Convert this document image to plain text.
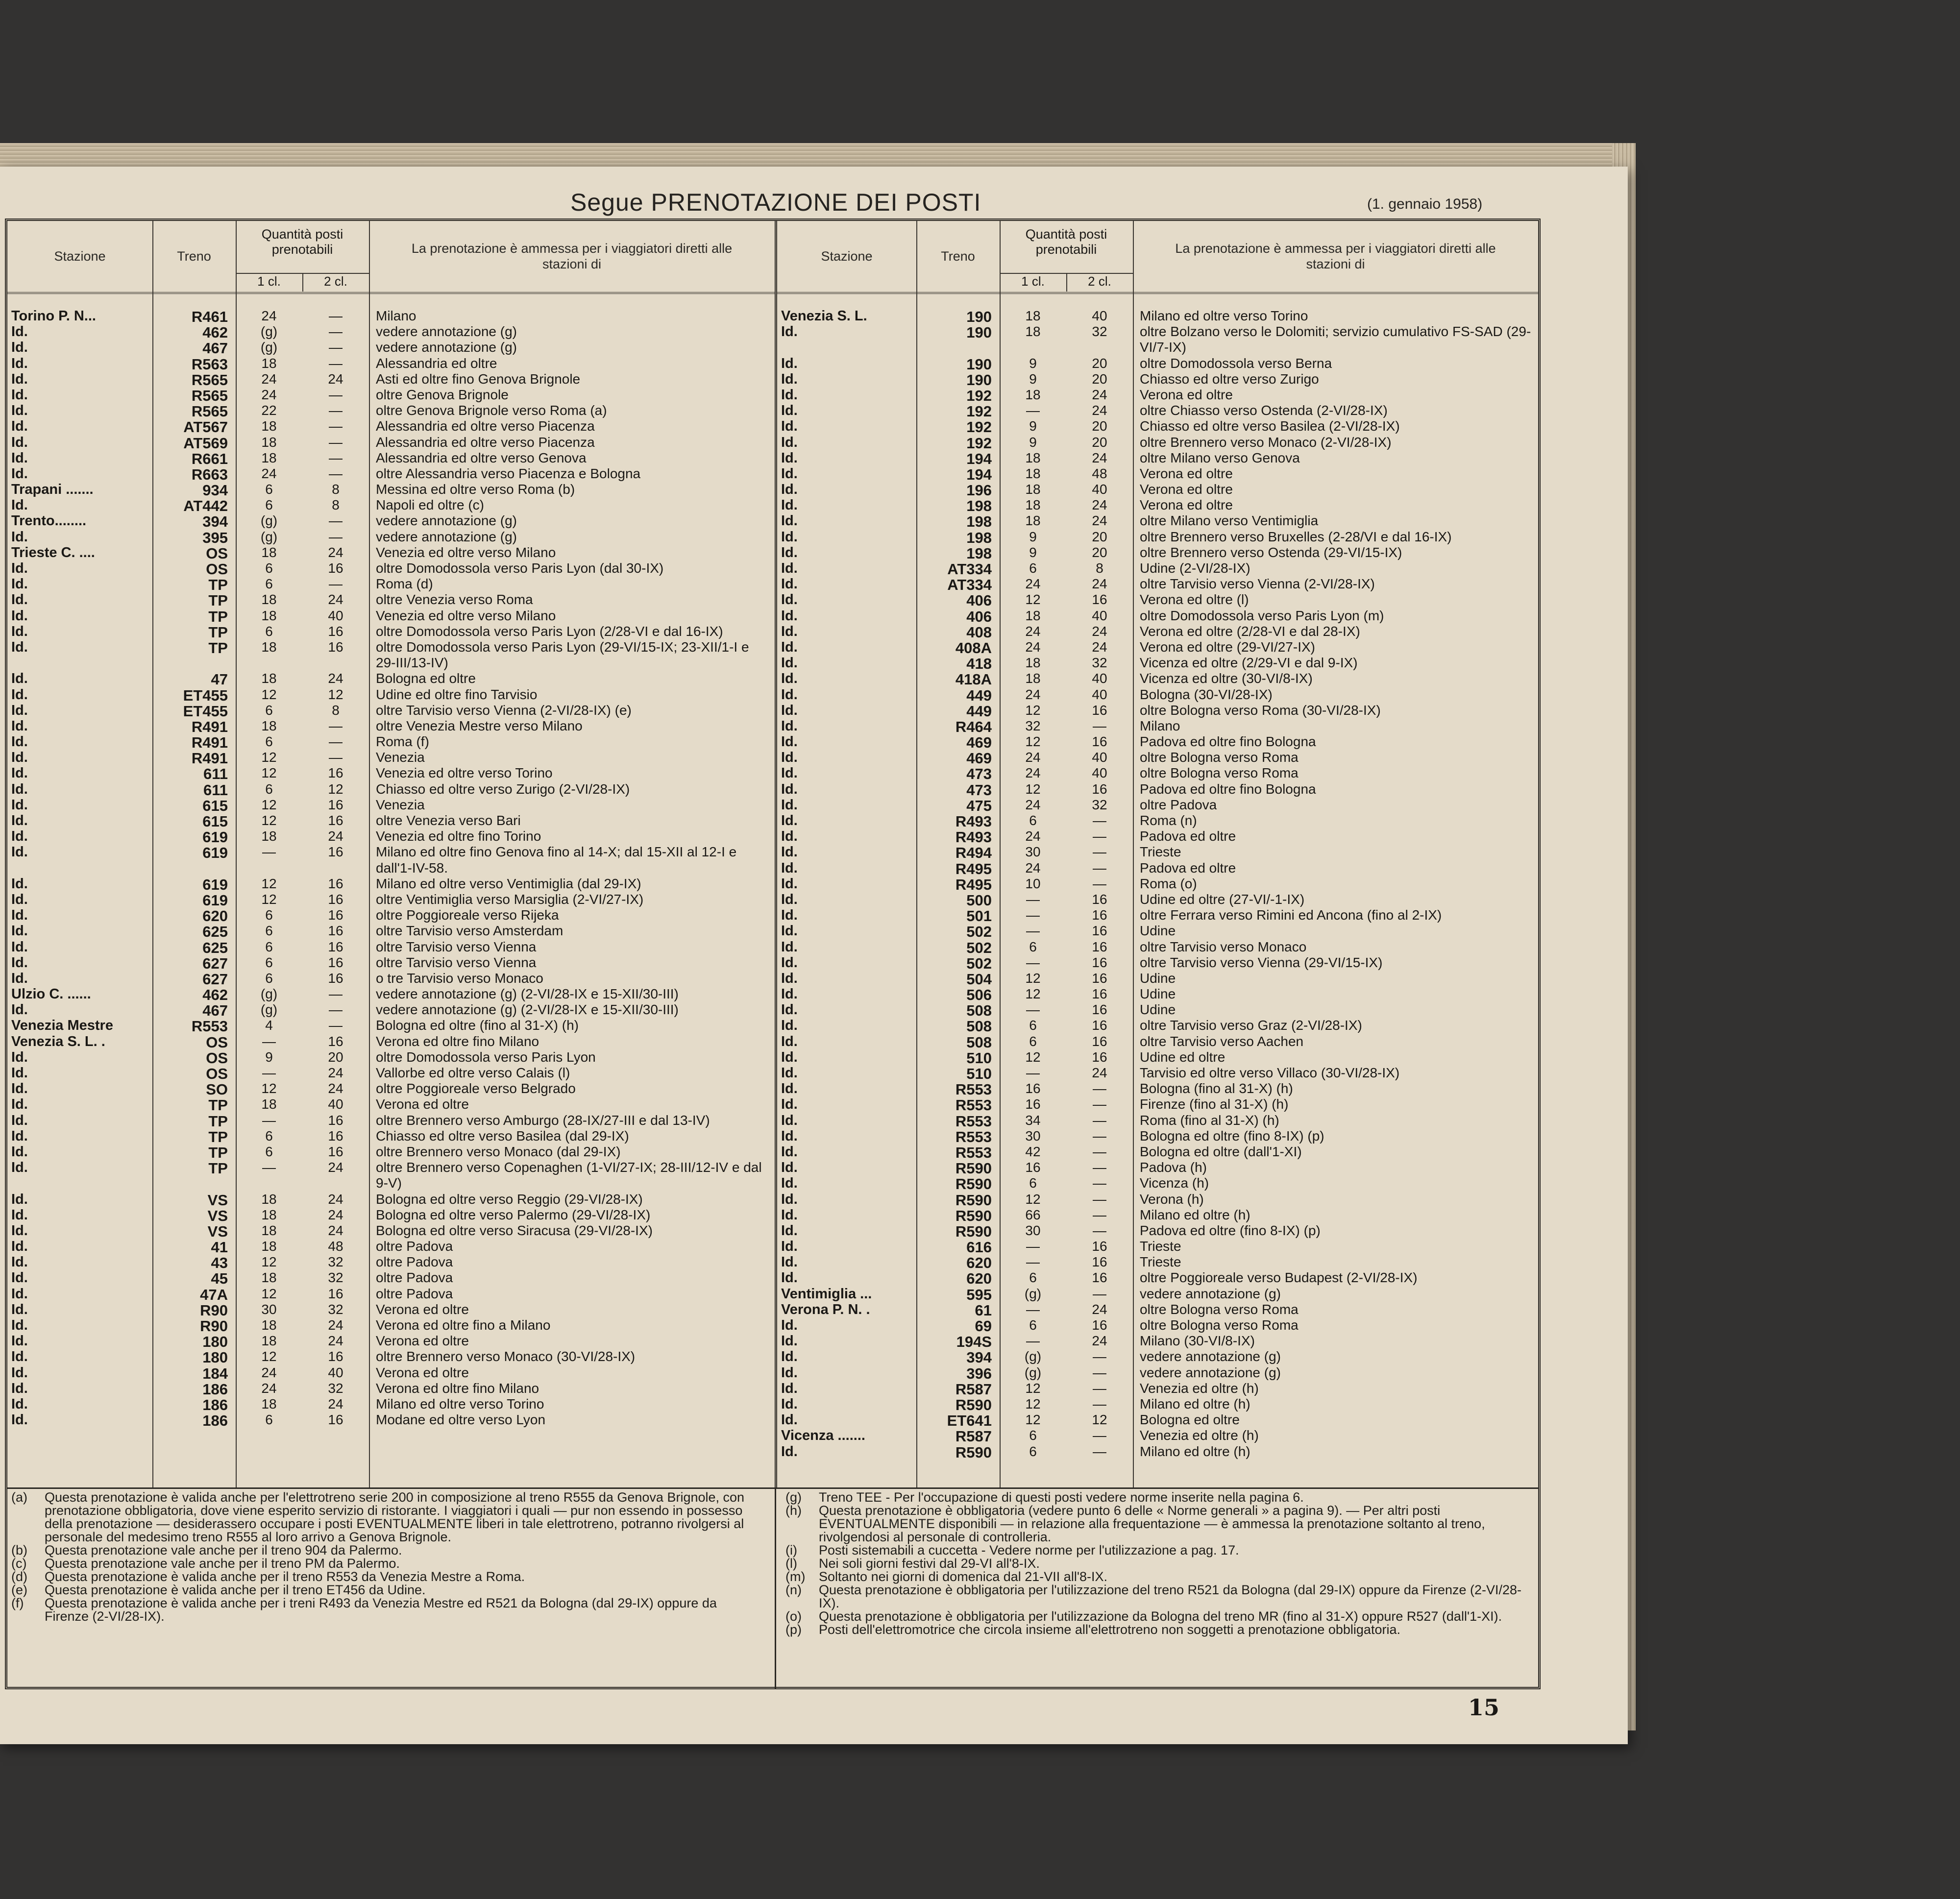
Segue PRENOTAZIONE DEI POSTI	(1. gennaio 1958)
Stazione	Treno
Quantità posti prenotabili
1 cl.	2 cl.
La prenotazione è ammessa per i viaggiatori diretti alle stazioni di
Torino P. N...	R461	24	—	Milano
Id.	462	(g)	—	vedere annotazione (g)
Id.	467	(g)	—	vedere annotazione (g)
Id.	R563	18	—	Alessandria ed oltre
Id.	R565	24	24	Asti ed oltre fino Genova Brignole
Id.	R565	24	—	oltre Genova Brignole
Id.	R565	22	—	oltre Genova Brignole verso Roma (a)
Id.	AT567	18	—	Alessandria ed oltre verso Piacenza
Id.	AT569	18	—	Alessandria ed oltre verso Piacenza
Id.	R661	18	—	Alessandria ed oltre verso Genova
Id.	R663	24	—	oltre Alessandria verso Piacenza e Bologna
Trapani .......	934	6	8	Messina ed oltre verso Roma (b)
Id.	AT442	6	8	Napoli ed oltre (c)
Trento........	394	(g)	—	vedere annotazione (g)
Id.	395	(g)	—	vedere annotazione (g)
Trieste C. ....	OS	18	24	Venezia ed oltre verso Milano
Id.	OS	6	16	oltre Domodossola verso Paris Lyon (dal 30-IX)
Id.	TP	6	—	Roma (d)
Id.	TP	18	24	oltre Venezia verso Roma
Id.	TP	18	40	Venezia ed oltre verso Milano
Id.	TP	6	16	oltre Domodossola verso Paris Lyon (2/28-VI e dal 16-IX)
Id.	TP	18	16	oltre Domodossola verso Paris Lyon (29-VI/15-IX; 23-XII/1-I e 29-III/13-IV)
Id.	47	18	24	Bologna ed oltre
Id.	ET455	12	12	Udine ed oltre fino Tarvisio
Id.	ET455	6	8	oltre Tarvisio verso Vienna (2-VI/28-IX) (e)
Id.	R491	18	—	oltre Venezia Mestre verso Milano
Id.	R491	6	—	Roma (f)
Id.	R491	12	—	Venezia
Id.	611	12	16	Venezia ed oltre verso Torino
Id.	611	6	12	Chiasso ed oltre verso Zurigo (2-VI/28-IX)
Id.	615	12	16	Venezia
Id.	615	12	16	oltre Venezia verso Bari
Id.	619	18	24	Venezia ed oltre fino Torino
Id.	619	—	16	Milano ed oltre fino Genova fino al 14-X; dal 15-XII al 12-I e dall'1-IV-58.
Id.	619	12	16	Milano ed oltre verso Ventimiglia (dal 29-IX)
Id.	619	12	16	oltre Ventimiglia verso Marsiglia (2-VI/27-IX)
Id.	620	6	16	oltre Poggioreale verso Rijeka
Id.	625	6	16	oltre Tarvisio verso Amsterdam
Id.	625	6	16	oltre Tarvisio verso Vienna
Id.	627	6	16	oltre Tarvisio verso Vienna
Id.	627	6	16	o tre Tarvisio verso Monaco
Ulzio C. ......	462	(g)	—	vedere annotazione (g) (2-VI/28-IX e 15-XII/30-III)
Id.	467	(g)	—	vedere annotazione (g) (2-VI/28-IX e 15-XII/30-III)
Venezia Mestre	R553	4	—	Bologna ed oltre (fino al 31-X) (h)
Venezia S. L. .	OS	—	16	Verona ed oltre fino Milano
Id.	OS	9	20	oltre Domodossola verso Paris Lyon
Id.	OS	—	24	Vallorbe ed oltre verso Calais (l)
Id.	SO	12	24	oltre Poggioreale verso Belgrado
Id.	TP	18	40	Verona ed oltre
Id.	TP	—	16	oltre Brennero verso Amburgo (28-IX/27-III e dal 13-IV)
Id.	TP	6	16	Chiasso ed oltre verso Basilea (dal 29-IX)
Id.	TP	6	16	oltre Brennero verso Monaco (dal 29-IX)
Id.	TP	—	24	oltre Brennero verso Copenaghen (1-VI/27-IX; 28-III/12-IV e dal 9-V)
Id.	VS	18	24	Bologna ed oltre verso Reggio (29-VI/28-IX)
Id.	VS	18	24	Bologna ed oltre verso Palermo (29-VI/28-IX)
Id.	VS	18	24	Bologna ed oltre verso Siracusa (29-VI/28-IX)
Id.	41	18	48	oltre Padova
Id.	43	12	32	oltre Padova
Id.	45	18	32	oltre Padova
Id.	47A	12	16	oltre Padova
Id.	R90	30	32	Verona ed oltre
Id.	R90	18	24	Verona ed oltre fino a Milano
Id.	180	18	24	Verona ed oltre
Id.	180	12	16	oltre Brennero verso Monaco (30-VI/28-IX)
Id.	184	24	40	Verona ed oltre
Id.	186	24	32	Verona ed oltre fino Milano
Id.	186	18	24	Milano ed oltre verso Torino
Id.	186	6	16	Modane ed oltre verso Lyon
Stazione	Treno
Quantità posti prenotabili
1 cl.	2 cl.
La prenotazione è ammessa per i viaggiatori diretti alle stazioni di
Venezia S. L.	190	18	40	Milano ed oltre verso Torino
Id.	190	18	32	oltre Bolzano verso le Dolomiti; servizio cumulativo FS-SAD (29-VI/7-IX)
Id.	190	9	20	oltre Domodossola verso Berna
Id.	190	9	20	Chiasso ed oltre verso Zurigo
Id.	192	18	24	Verona ed oltre
Id.	192	—	24	oltre Chiasso verso Ostenda (2-VI/28-IX)
Id.	192	9	20	Chiasso ed oltre verso Basilea (2-VI/28-IX)
Id.	192	9	20	oltre Brennero verso Monaco (2-VI/28-IX)
Id.	194	18	24	oltre Milano verso Genova
Id.	194	18	48	Verona ed oltre
Id.	196	18	40	Verona ed oltre
Id.	198	18	24	Verona ed oltre
Id.	198	18	24	oltre Milano verso Ventimiglia
Id.	198	9	20	oltre Brennero verso Bruxelles (2-28/VI e dal 16-IX)
Id.	198	9	20	oltre Brennero verso Ostenda (29-VI/15-IX)
Id.	AT334	6	8	Udine (2-VI/28-IX)
Id.	AT334	24	24	oltre Tarvisio verso Vienna (2-VI/28-IX)
Id.	406	12	16	Verona ed oltre (l)
Id.	406	18	40	oltre Domodossola verso Paris Lyon (m)
Id.	408	24	24	Verona ed oltre (2/28-VI e dal 28-IX)
Id.	408A	24	24	Verona ed oltre (29-VI/27-IX)
Id.	418	18	32	Vicenza ed oltre (2/29-VI e dal 9-IX)
Id.	418A	18	40	Vicenza ed oltre (30-VI/8-IX)
Id.	449	24	40	Bologna (30-VI/28-IX)
Id.	449	12	16	oltre Bologna verso Roma (30-VI/28-IX)
Id.	R464	32	—	Milano
Id.	469	12	16	Padova ed oltre fino Bologna
Id.	469	24	40	oltre Bologna verso Roma
Id.	473	24	40	oltre Bologna verso Roma
Id.	473	12	16	Padova ed oltre fino Bologna
Id.	475	24	32	oltre Padova
Id.	R493	6	—	Roma (n)
Id.	R493	24	—	Padova ed oltre
Id.	R494	30	—	Trieste
Id.	R495	24	—	Padova ed oltre
Id.	R495	10	—	Roma (o)
Id.	500	—	16	Udine ed oltre (27-VI/-1-IX)
Id.	501	—	16	oltre Ferrara verso Rimini ed Ancona (fino al 2-IX)
Id.	502	—	16	Udine
Id.	502	6	16	oltre Tarvisio verso Monaco
Id.	502	—	16	oltre Tarvisio verso Vienna (29-VI/15-IX)
Id.	504	12	16	Udine
Id.	506	12	16	Udine
Id.	508	—	16	Udine
Id.	508	6	16	oltre Tarvisio verso Graz (2-VI/28-IX)
Id.	508	6	16	oltre Tarvisio verso Aachen
Id.	510	12	16	Udine ed oltre
Id.	510	—	24	Tarvisio ed oltre verso Villaco (30-VI/28-IX)
Id.	R553	16	—	Bologna (fino al 31-X) (h)
Id.	R553	16	—	Firenze (fino al 31-X) (h)
Id.	R553	34	—	Roma (fino al 31-X) (h)
Id.	R553	30	—	Bologna ed oltre (fino 8-IX) (p)
Id.	R553	42	—	Bologna ed oltre (dall'1-XI)
Id.	R590	16	—	Padova (h)
Id.	R590	6	—	Vicenza (h)
Id.	R590	12	—	Verona (h)
Id.	R590	66	—	Milano ed oltre (h)
Id.	R590	30	—	Padova ed oltre (fino 8-IX) (p)
Id.	616	—	16	Trieste
Id.	620	—	16	Trieste
Id.	620	6	16	oltre Poggioreale verso Budapest (2-VI/28-IX)
Ventimiglia ...	595	(g)	—	vedere annotazione (g)
Verona P. N. .	61	—	24	oltre Bologna verso Roma
Id.	69	6	16	oltre Bologna verso Roma
Id.	194S	—	24	Milano (30-VI/8-IX)
Id.	394	(g)	—	vedere annotazione (g)
Id.	396	(g)	—	vedere annotazione (g)
Id.	R587	12	—	Venezia ed oltre (h)
Id.	R590	12	—	Milano ed oltre (h)
Id.	ET641	12	12	Bologna ed oltre
Vicenza .......	R587	6	—	Venezia ed oltre (h)
Id.	R590	6	—	Milano ed oltre (h)
(a)	Questa prenotazione è valida anche per l'elettrotreno serie 200 in composizione al treno R555 da Genova Brignole, con prenotazione obbligatoria, dove viene esperito servizio di ristorante. I viaggiatori i quali — pur non essendo in possesso della prenotazione — desiderassero occupare i posti EVENTUALMENTE liberi in tale elettrotreno, potranno rivolgersi al personale del medesimo treno R555 al loro arrivo a Genova Brignole.
(b)	Questa prenotazione vale anche per il treno 904 da Palermo.
(c)	Questa prenotazione vale anche per il treno PM da Palermo.
(d)	Questa prenotazione è valida anche per il treno R553 da Venezia Mestre a Roma.
(e)	Questa prenotazione è valida anche per il treno ET456 da Udine.
(f)	Questa prenotazione è valida anche per i treni R493 da Venezia Mestre ed R521 da Bologna (dal 29-IX) oppure da Firenze (2-VI/28-IX).
(g)	Treno TEE - Per l'occupazione di questi posti vedere norme inserite nella pagina 6.
(h)	Questa prenotazione è obbligatoria (vedere punto 6 delle « Norme generali » a pagina 9). — Per altri posti EVENTUALMENTE disponibili — in relazione alla frequentazione — è ammessa la prenotazione soltanto al treno, rivolgendosi al personale di controlleria.
(i)	Posti sistemabili a cuccetta - Vedere norme per l'utilizzazione a pag. 17.
(l)	Nei soli giorni festivi dal 29-VI all'8-IX.
(m)	Soltanto nei giorni di domenica dal 21-VII all'8-IX.
(n)	Questa prenotazione è obbligatoria per l'utilizzazione del treno R521 da Bologna (dal 29-IX) oppure da Firenze (2-VI/28-IX).
(o)	Questa prenotazione è obbligatoria per l'utilizzazione da Bologna del treno MR (fino al 31-X) oppure R527 (dall'1-XI).
(p)	Posti dell'elettromotrice che circola insieme all'elettrotreno non soggetti a prenotazione obbligatoria.
15
